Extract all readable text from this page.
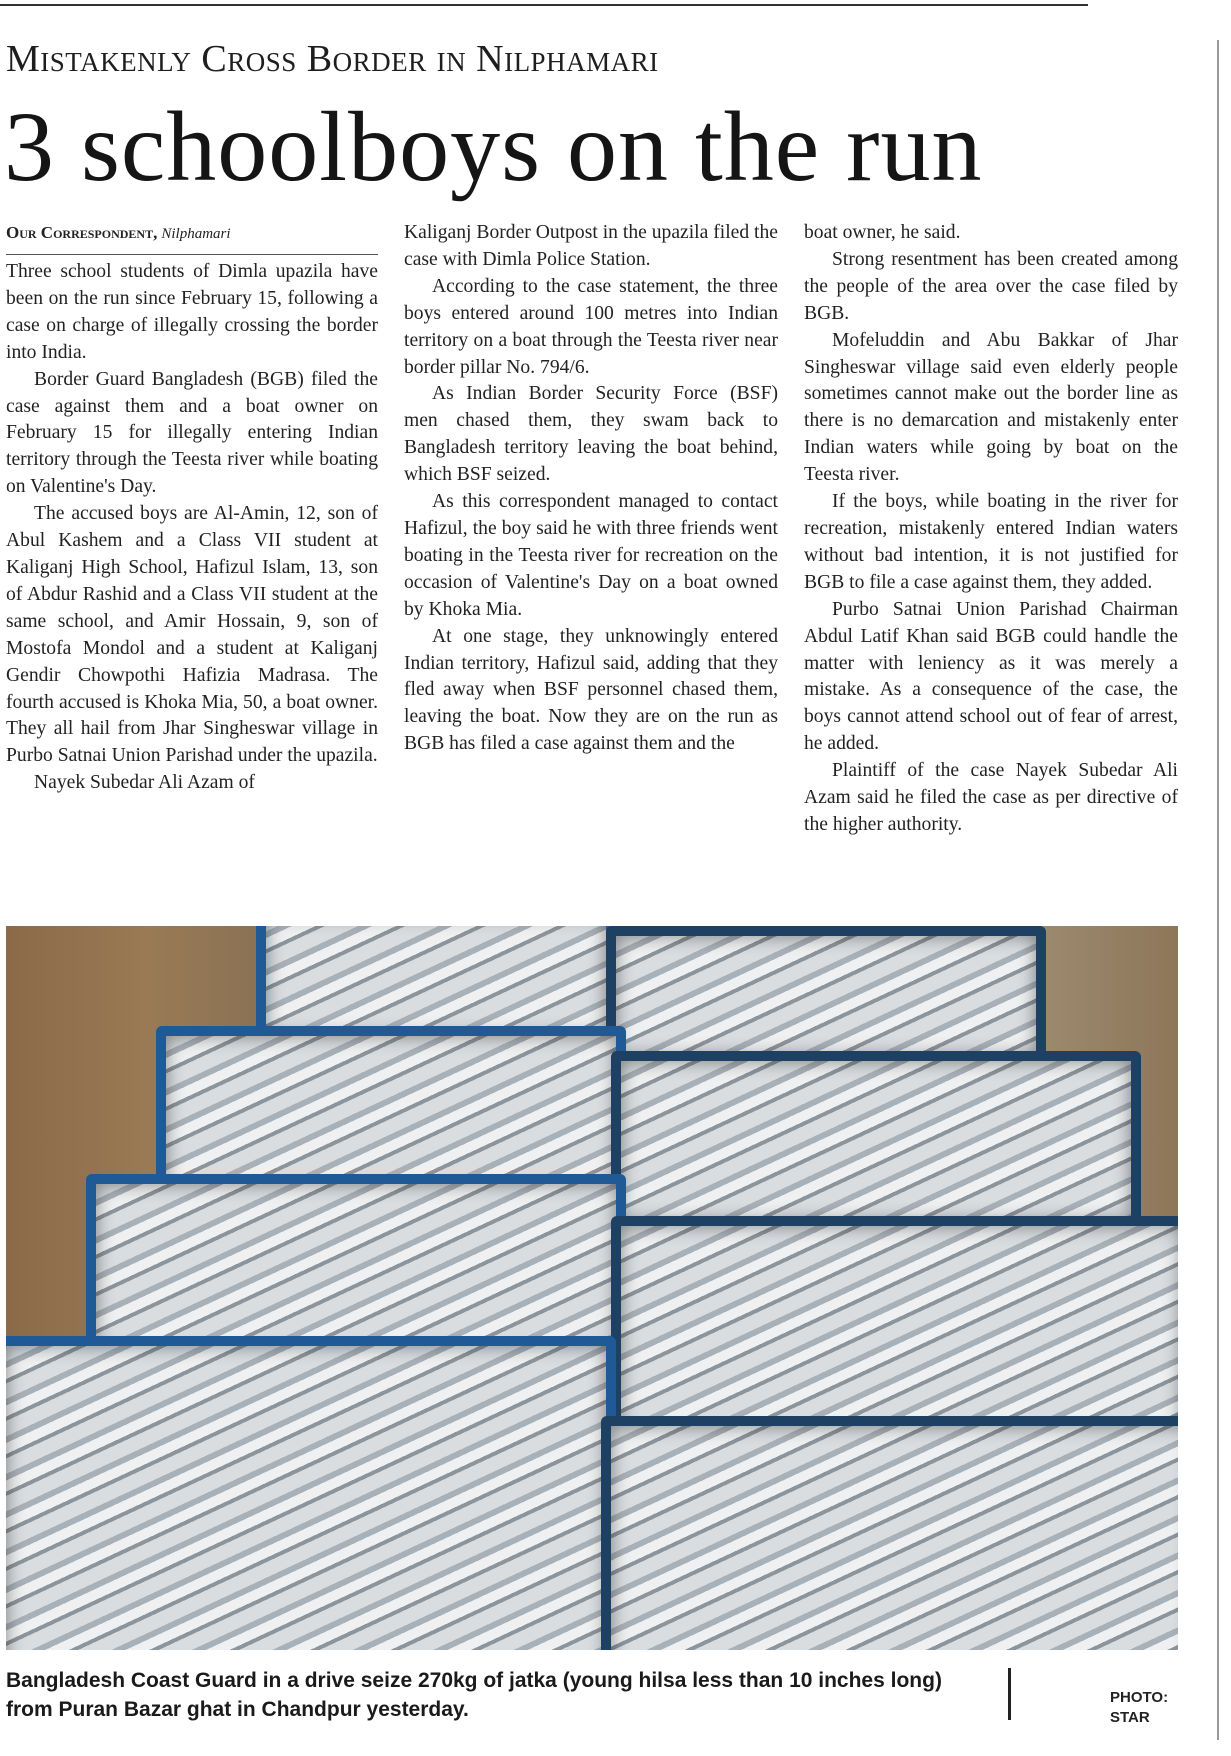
Mistakenly Cross Border in Nilphamari
3 schoolboys on the run
Our Correspondent, Nilphamari

Three school students of Dimla upazila have been on the run since February 15, following a case on charge of illegally crossing the border into India.

Border Guard Bangladesh (BGB) filed the case against them and a boat owner on February 15 for illegally entering Indian territory through the Teesta river while boating on Valentine's Day.

The accused boys are Al-Amin, 12, son of Abul Kashem and a Class VII student at Kaliganj High School, Hafizul Islam, 13, son of Abdur Rashid and a Class VII student at the same school, and Amir Hossain, 9, son of Mostofa Mondol and a student at Kaliganj Gendir Chowpothi Hafizia Madrasa. The fourth accused is Khoka Mia, 50, a boat owner. They all hail from Jhar Singheswar village in Purbo Satnai Union Parishad under the upazila.

Nayek Subedar Ali Azam of

Kaliganj Border Outpost in the upazila filed the case with Dimla Police Station.

According to the case statement, the three boys entered around 100 metres into Indian territory on a boat through the Teesta river near border pillar No. 794/6.

As Indian Border Security Force (BSF) men chased them, they swam back to Bangladesh territory leaving the boat behind, which BSF seized.

As this correspondent managed to contact Hafizul, the boy said he with three friends went boating in the Teesta river for recreation on the occasion of Valentine's Day on a boat owned by Khoka Mia.

At one stage, they unknowingly entered Indian territory, Hafizul said, adding that they fled away when BSF personnel chased them, leaving the boat. Now they are on the run as BGB has filed a case against them and the

boat owner, he said.

Strong resentment has been created among the people of the area over the case filed by BGB.

Mofeluddin and Abu Bakkar of Jhar Singheswar village said even elderly people sometimes cannot make out the border line as there is no demarcation and mistakenly enter Indian waters while going by boat on the Teesta river.

If the boys, while boating in the river for recreation, mistakenly entered Indian waters without bad intention, it is not justified for BGB to file a case against them, they added.

Purbo Satnai Union Parishad Chairman Abdul Latif Khan said BGB could handle the matter with leniency as it was merely a mistake. As a consequence of the case, the boys cannot attend school out of fear of arrest, he added.

Plaintiff of the case Nayek Subedar Ali Azam said he filed the case as per directive of the higher authority.

Bangladesh Coast Guard in a drive seize 270kg of jatka (young hilsa less than 10 inches long) from Puran Bazar ghat in Chandpur yesterday.
PHOTO:
STAR
